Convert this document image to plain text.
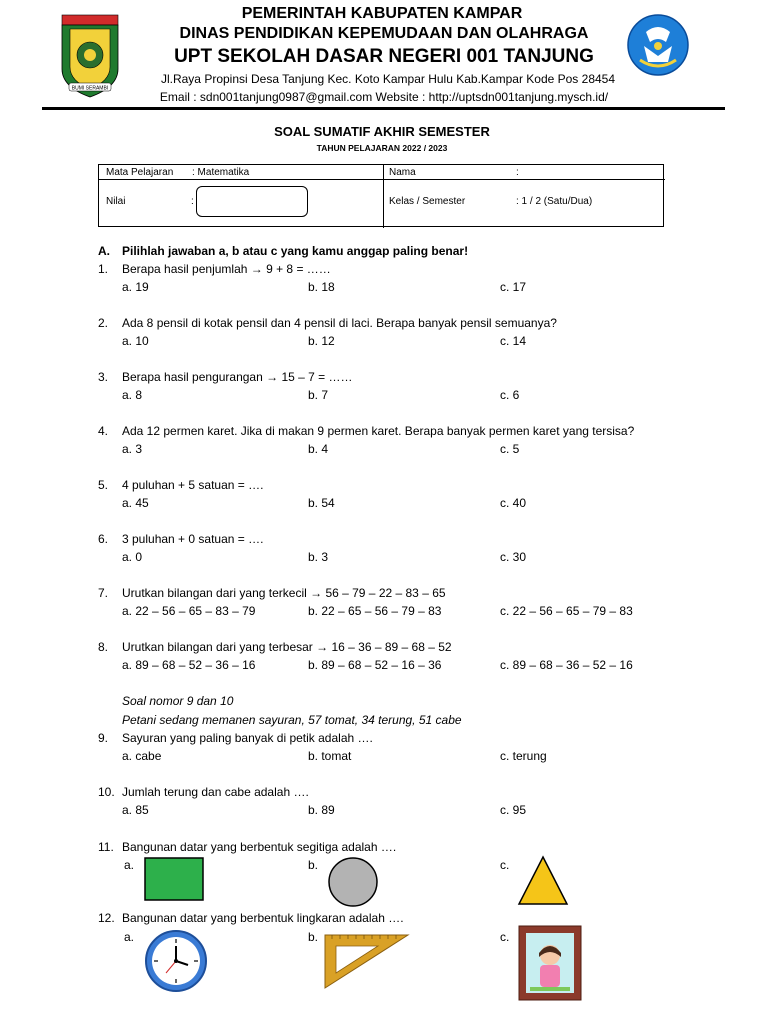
BUMI SERAMBI
PEMERINTAH KABUPATEN KAMPAR
DINAS PENDIDIKAN KEPEMUDAAN DAN OLAHRAGA
UPT SEKOLAH DASAR NEGERI 001 TANJUNG
Jl.Raya Propinsi Desa Tanjung Kec. Koto Kampar Hulu Kab.Kampar Kode Pos 28454
Email : sdn001tanjung0987@gmail.com Website : http://uptsdn001tanjung.mysch.id/
SOAL SUMATIF AKHIR SEMESTER
TAHUN PELAJARAN 2022 / 2023
Mata Pelajaran : Matematika	Nama	:
Nilai	:	Kelas / Semester	: 1 / 2 (Satu/Dua)
A. Pilihlah jawaban a, b atau c yang kamu anggap paling benar!
1. Berapa hasil penjumlah → 9 + 8 = ……
a. 19	b. 18	c. 17
2. Ada 8 pensil di kotak pensil dan 4 pensil di laci. Berapa banyak pensil semuanya?
a. 10	b. 12	c. 14
3. Berapa hasil pengurangan → 15 – 7 = ……
a. 8	b. 7	c. 6
4. Ada 12 permen karet. Jika di makan 9 permen karet. Berapa banyak permen karet yang tersisa?
a. 3	b. 4	c. 5
5. 4 puluhan + 5 satuan = ….
a. 45	b. 54	c. 40
6. 3 puluhan + 0 satuan = ….
a. 0	b. 3	c. 30
7. Urutkan bilangan dari yang terkecil → 56 – 79 – 22 – 83 – 65
a. 22 – 56 – 65 – 83 – 79	b. 22 – 65 – 56 – 79 – 83	c. 22 – 56 – 65 – 79 – 83
8. Urutkan bilangan dari yang terbesar → 16 – 36 – 89 – 68 – 52
a. 89 – 68 – 52 – 36 – 16	b. 89 – 68 – 52 – 16 – 36	c. 89 – 68 – 36 – 52 – 16
Soal nomor 9 dan 10
Petani sedang memanen sayuran, 57 tomat, 34 terung, 51 cabe
9. Sayuran yang paling banyak di petik adalah ….
a. cabe	b. tomat	c. terung
10. Jumlah terung dan cabe adalah ….
a. 85	b. 89	c. 95
11. Bangunan datar yang berbentuk segitiga adalah ….
a.	b.	c.
12. Bangunan datar yang berbentuk lingkaran adalah ….
a.	b.	c.
